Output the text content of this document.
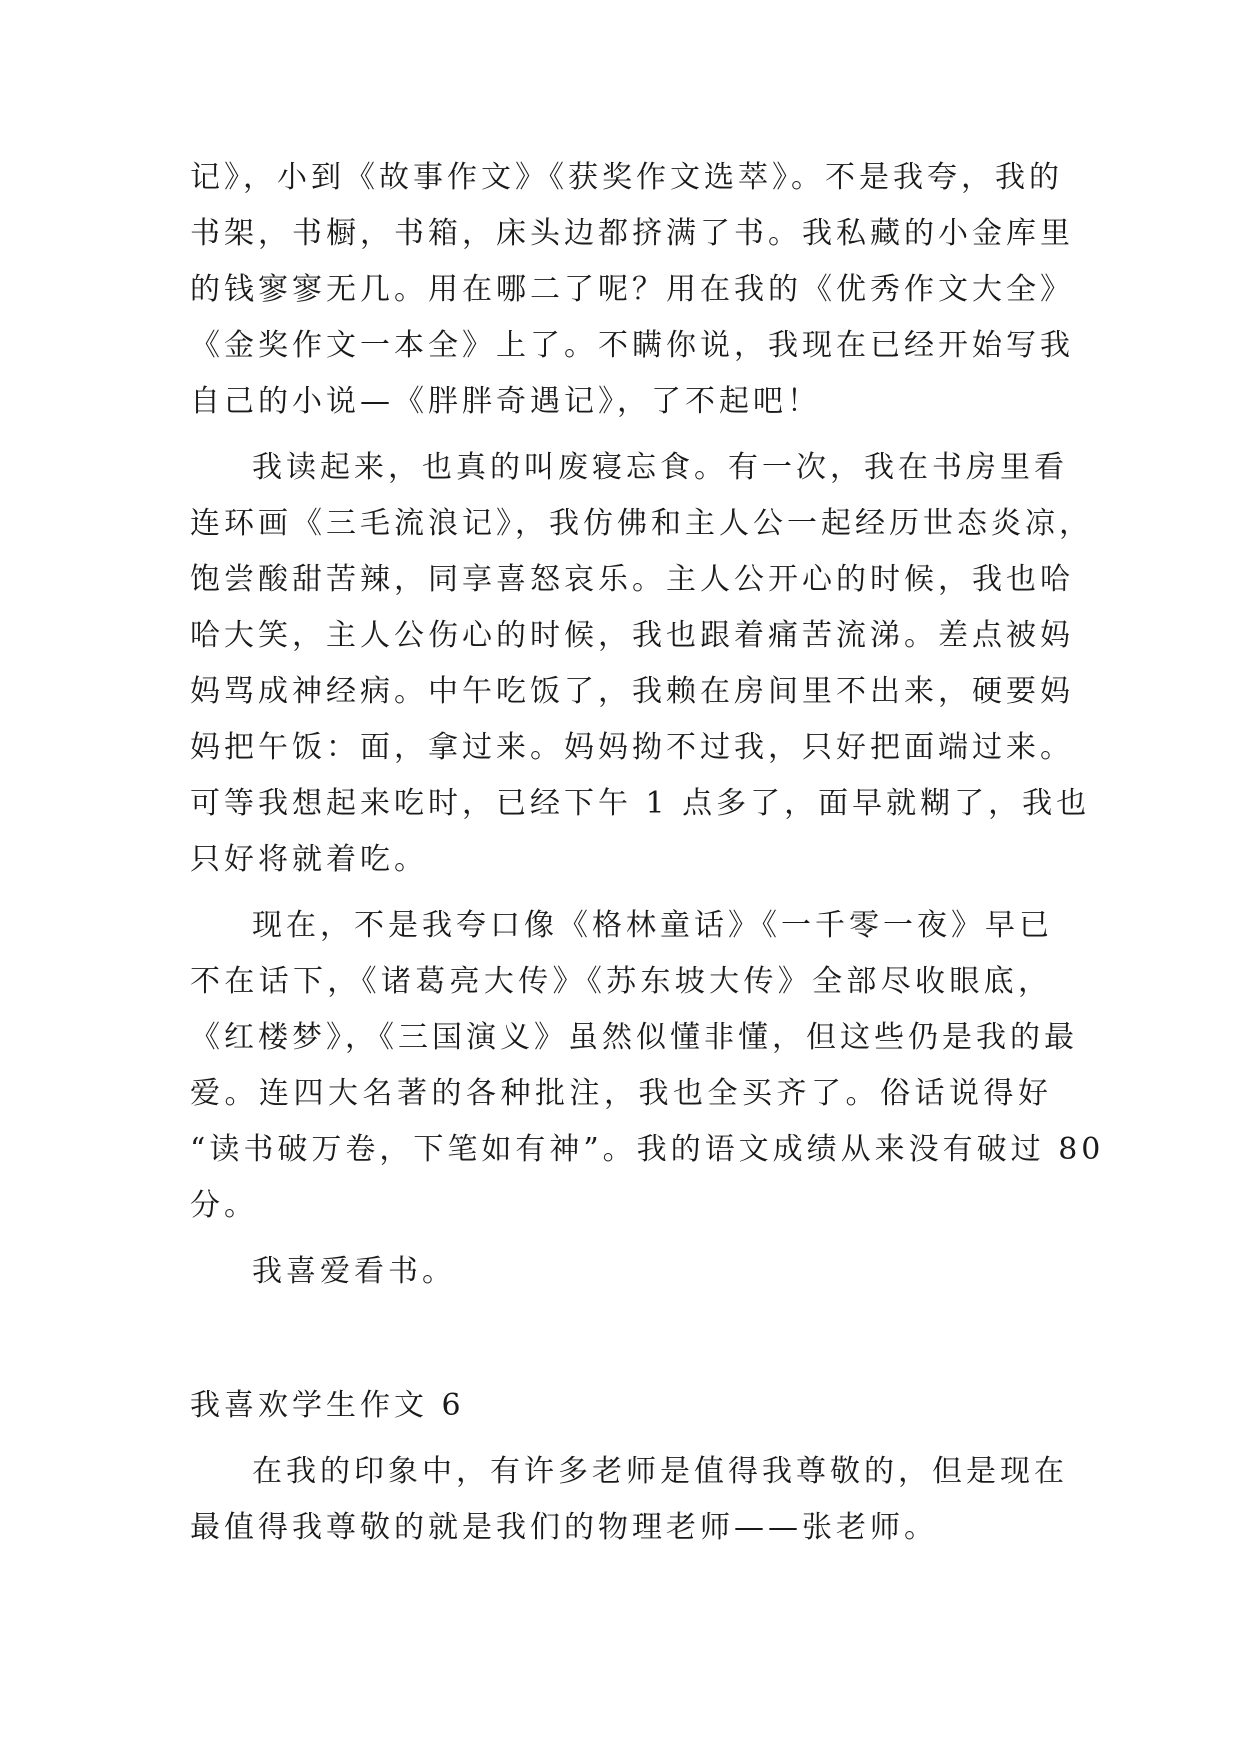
记》，小到《故事作文》《获奖作文选萃》。不是我夸，我的
书架，书橱，书箱，床头边都挤满了书。我私藏的小金库里
的钱寥寥无几。用在哪二了呢？用在我的《优秀作文大全》
《金奖作文一本全》上了。不瞒你说，我现在已经开始写我
自己的小说—《胖胖奇遇记》，了不起吧！
我读起来，也真的叫废寝忘食。有一次，我在书房里看
连环画《三毛流浪记》，我仿佛和主人公一起经历世态炎凉，
饱尝酸甜苦辣，同享喜怒哀乐。主人公开心的时候，我也哈
哈大笑，主人公伤心的时候，我也跟着痛苦流涕。差点被妈
妈骂成神经病。中午吃饭了，我赖在房间里不出来，硬要妈
妈把午饭：面，拿过来。妈妈拗不过我，只好把面端过来。
可等我想起来吃时，已经下午 1 点多了，面早就糊了，我也
只好将就着吃。
现在，不是我夸口像《格林童话》《一千零一夜》早已
不在话下，《诸葛亮大传》《苏东坡大传》全部尽收眼底，
《红楼梦》，《三国演义》虽然似懂非懂，但这些仍是我的最
爱。连四大名著的各种批注，我也全买齐了。俗话说得好
“读书破万卷，下笔如有神”。我的语文成绩从来没有破过 80
分。
我喜爱看书。
我喜欢学生作文 6
在我的印象中，有许多老师是值得我尊敬的，但是现在
最值得我尊敬的就是我们的物理老师——张老师。
